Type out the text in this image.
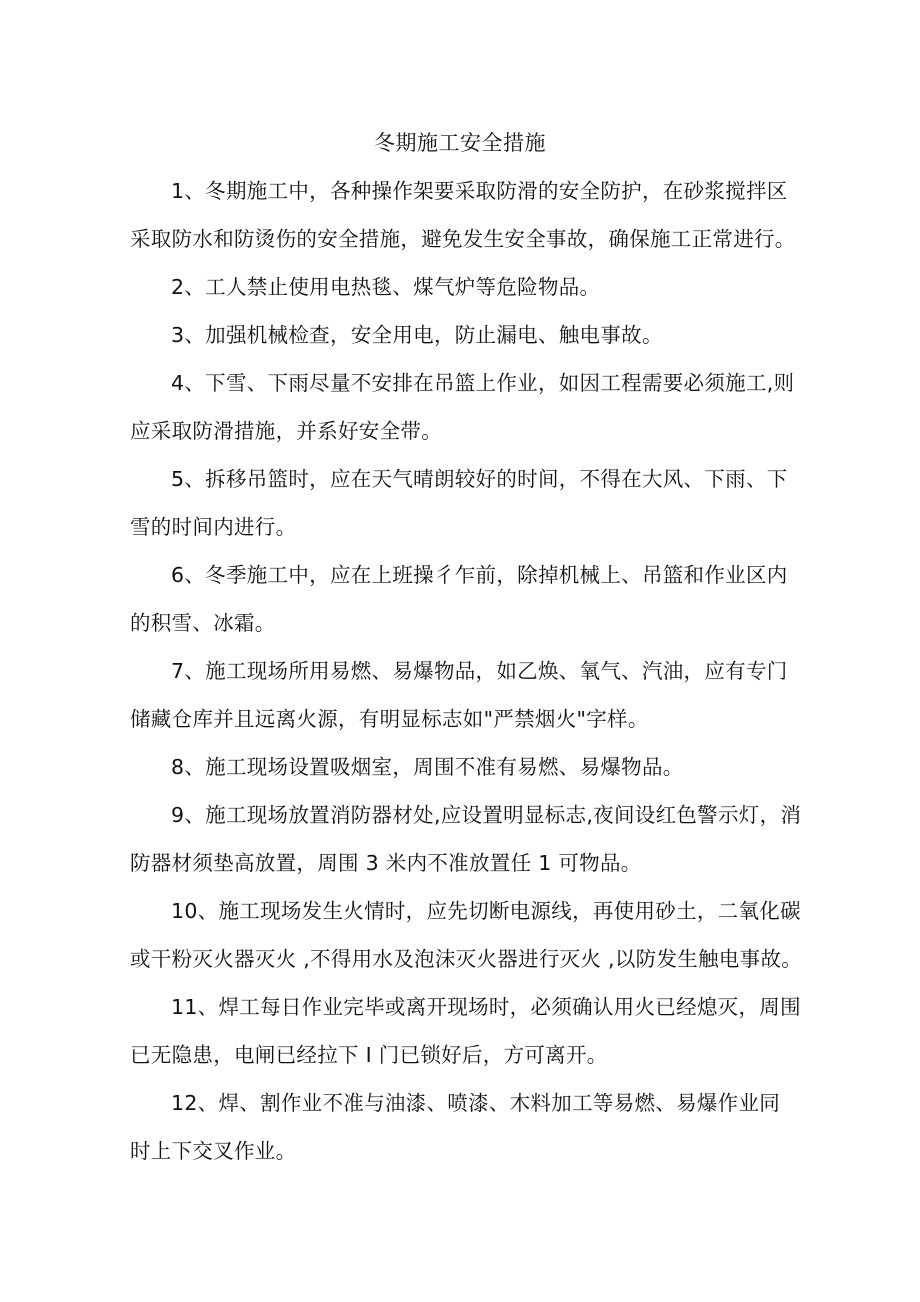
冬期施工安全措施

1、冬期施工中，各种操作架要采取防滑的安全防护，在砂浆搅拌区
采取防水和防烫伤的安全措施，避免发生安全事故，确保施工正常进行。

2、工人禁止使用电热毯、煤气炉等危险物品。

3、加强机械检查，安全用电，防止漏电、触电事故。

4、下雪、下雨尽量不安排在吊篮上作业，如因工程需要必须施工,则
应采取防滑措施，并系好安全带。

5、拆移吊篮时，应在天气晴朗较好的时间，不得在大风、下雨、下
雪的时间内进行。

6、冬季施工中，应在上班操彳乍前，除掉机械上、吊篮和作业区内
的积雪、冰霜。

7、施工现场所用易燃、易爆物品，如乙焕、氧气、汽油，应有专门
储藏仓库并且远离火源，有明显标志如"严禁烟火"字样。

8、施工现场设置吸烟室，周围不准有易燃、易爆物品。

9、施工现场放置消防器材处,应设置明显标志,夜间设红色警示灯，消
防器材须垫高放置，周围 3 米内不准放置任 1 可物品。

10、施工现场发生火情时，应先切断电源线，再使用砂土，二氧化碳
或干粉灭火器灭火 ,不得用水及泡沫灭火器进行灭火 ,以防发生触电事故。

11、焊工每日作业完毕或离开现场时，必须确认用火已经熄灭，周围
已无隐患，电闸已经拉下 I 门已锁好后，方可离开。

12、焊、割作业不准与油漆、喷漆、木料加工等易燃、易爆作业同
时上下交叉作业。
